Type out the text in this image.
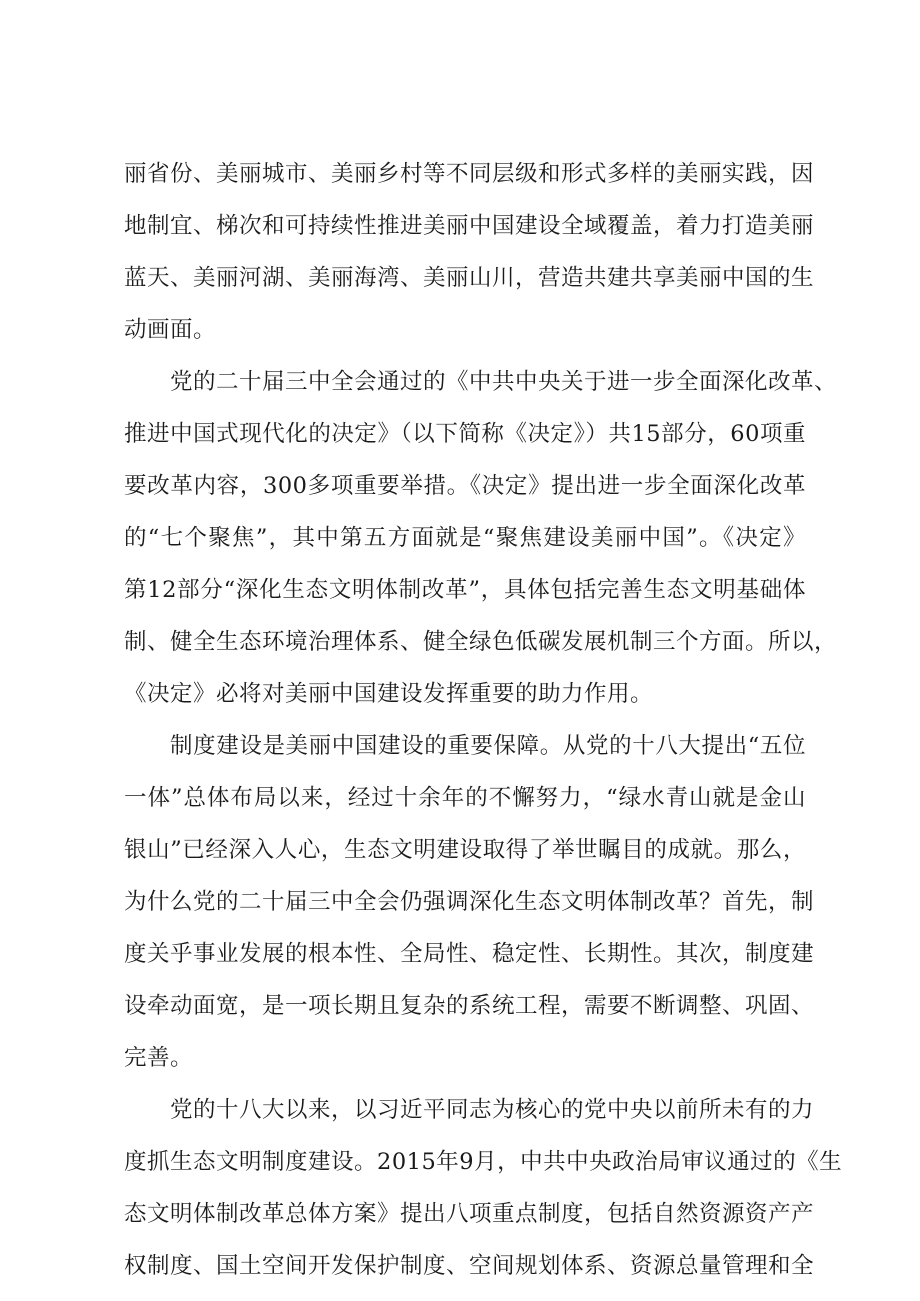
丽省份、美丽城市、美丽乡村等不同层级和形式多样的美丽实践，因
地制宜、梯次和可持续性推进美丽中国建设全域覆盖，着力打造美丽
蓝天、美丽河湖、美丽海湾、美丽山川，营造共建共享美丽中国的生
动画面。
党的二十届三中全会通过的《中共中央关于进一步全面深化改革、
推进中国式现代化的决定》（以下简称《决定》）共15部分，60项重
要改革内容，300多项重要举措。《决定》提出进一步全面深化改革
的“七个聚焦”，其中第五方面就是“聚焦建设美丽中国”。《决定》
第12部分“深化生态文明体制改革”，具体包括完善生态文明基础体
制、健全生态环境治理体系、健全绿色低碳发展机制三个方面。所以，
《决定》必将对美丽中国建设发挥重要的助力作用。
制度建设是美丽中国建设的重要保障。从党的十八大提出“五位
一体”总体布局以来，经过十余年的不懈努力，“绿水青山就是金山
银山”已经深入人心，生态文明建设取得了举世瞩目的成就。那么，
为什么党的二十届三中全会仍强调深化生态文明体制改革？首先，制
度关乎事业发展的根本性、全局性、稳定性、长期性。其次，制度建
设牵动面宽，是一项长期且复杂的系统工程，需要不断调整、巩固、
完善。
党的十八大以来，以习近平同志为核心的党中央以前所未有的力
度抓生态文明制度建设。2015年9月，中共中央政治局审议通过的《生
态文明体制改革总体方案》提出八项重点制度，包括自然资源资产产
权制度、国土空间开发保护制度、空间规划体系、资源总量管理和全
